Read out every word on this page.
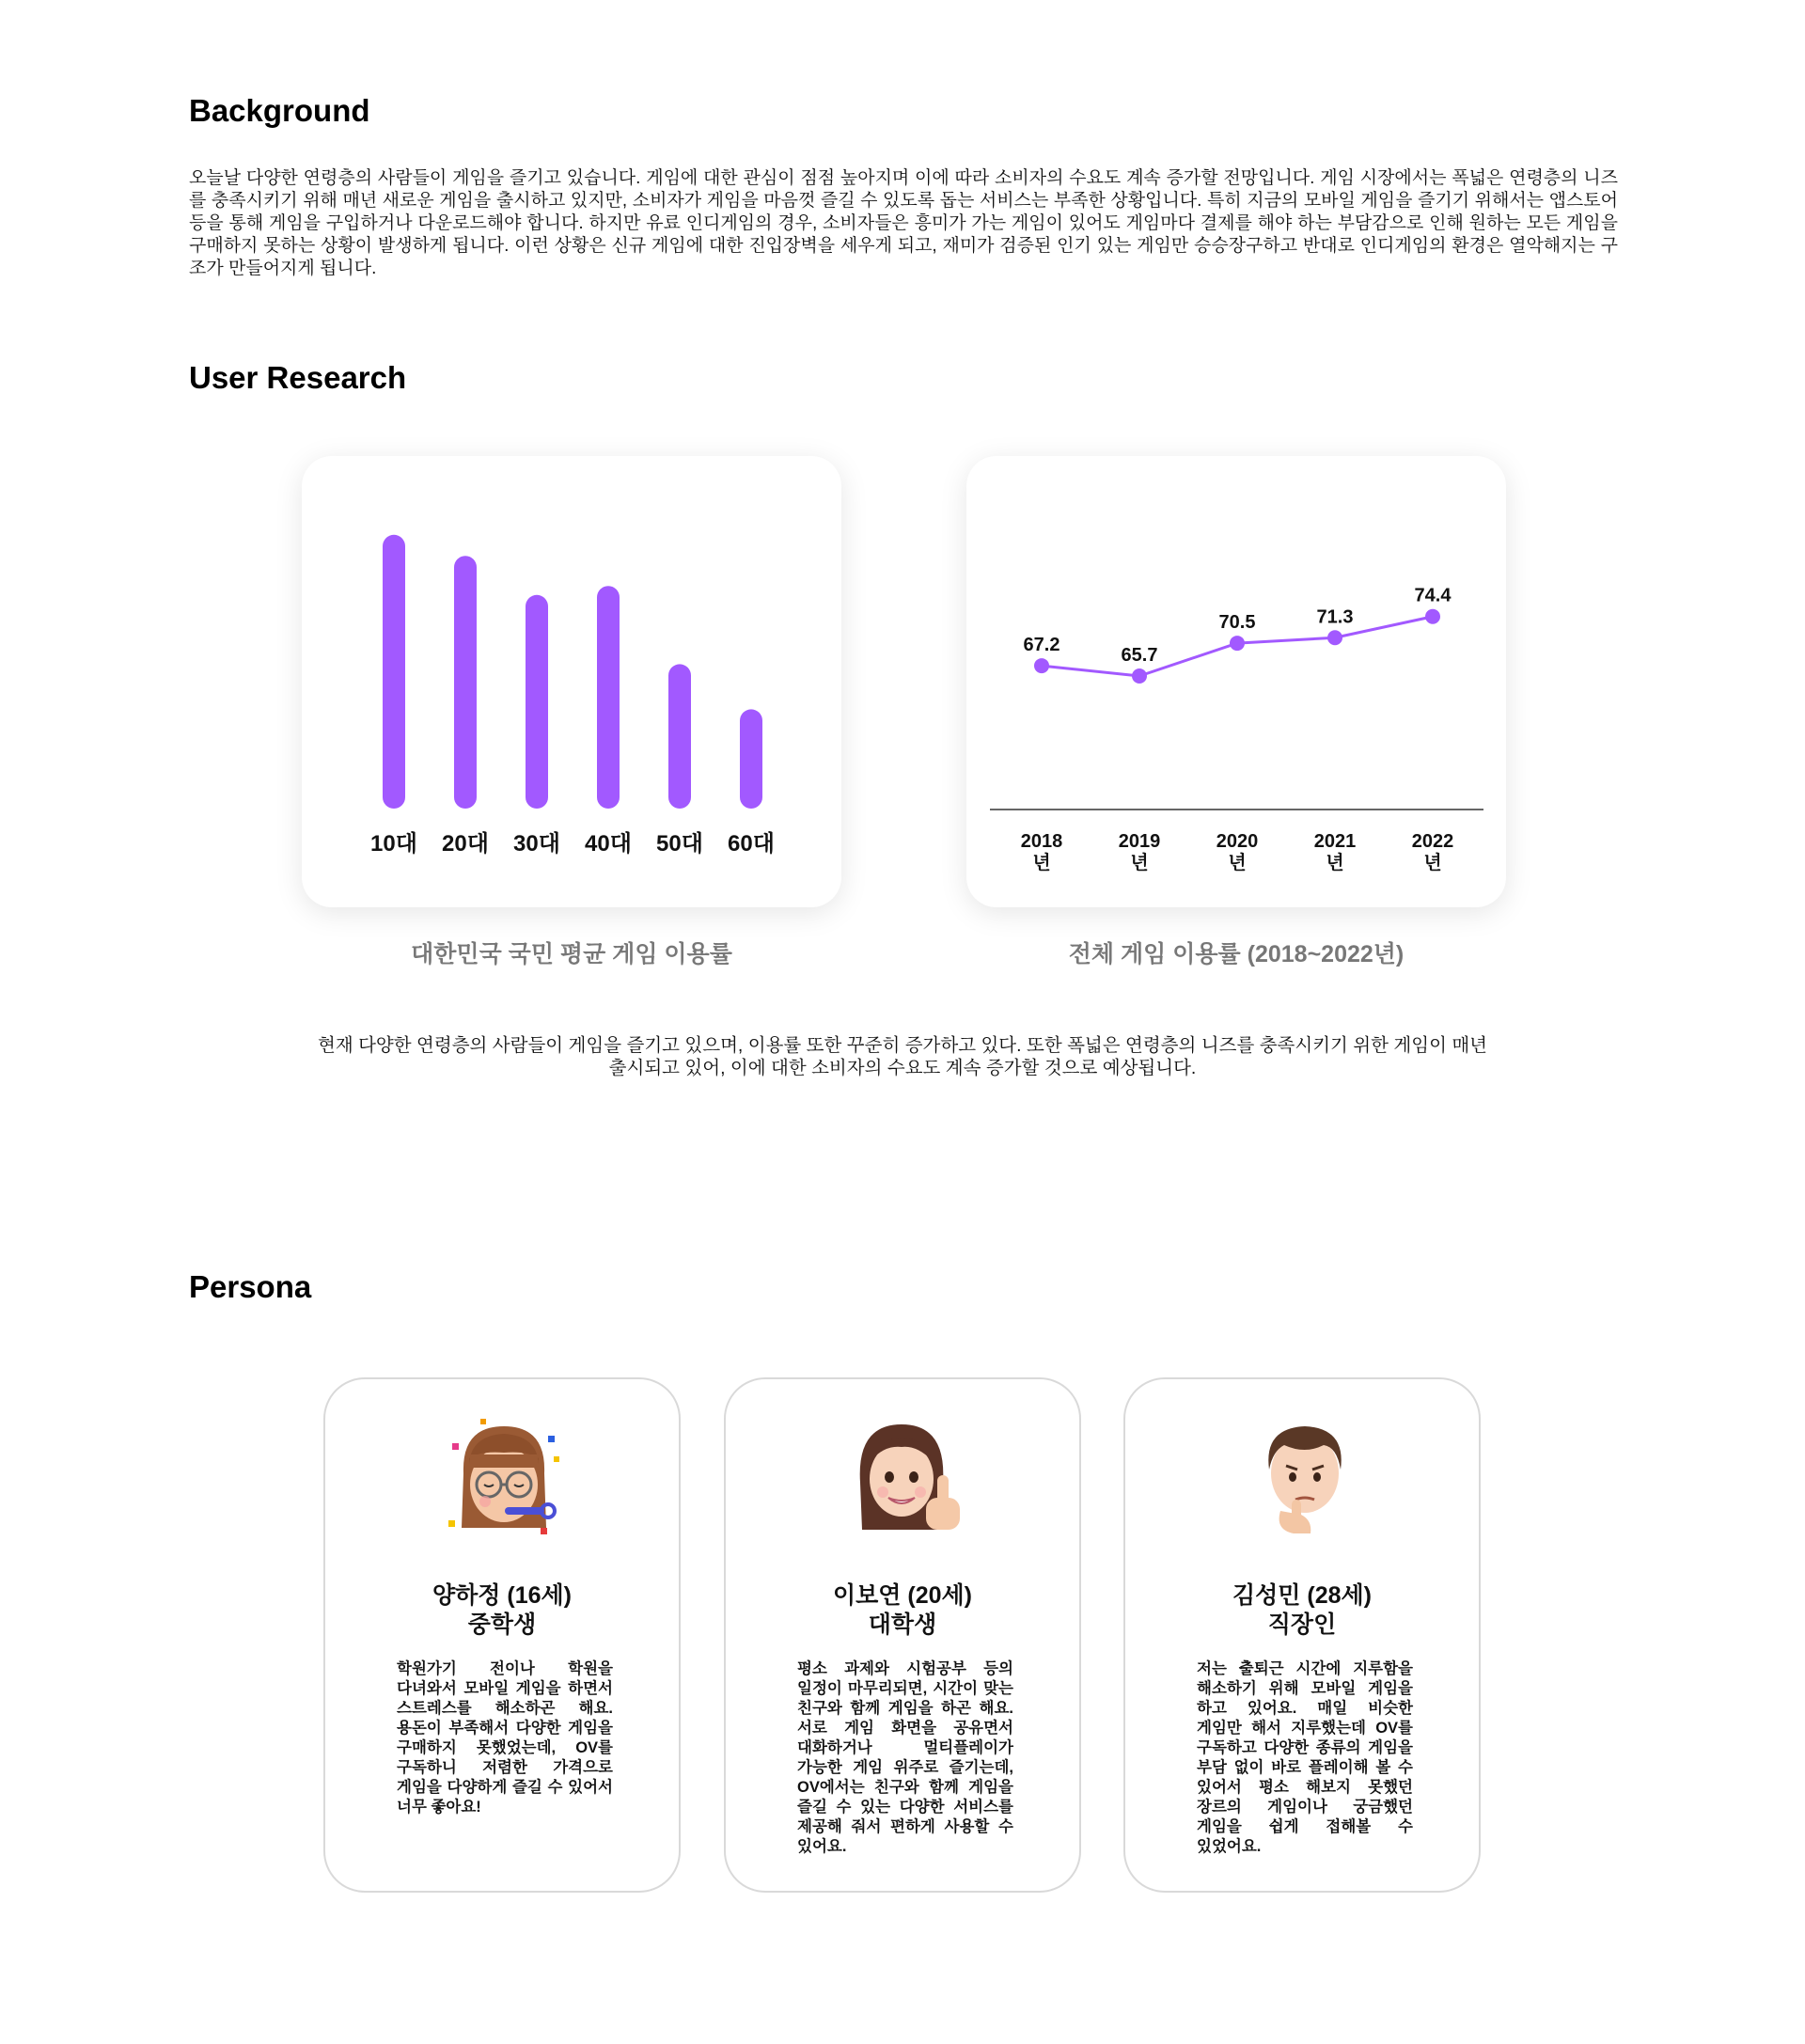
Background

오늘날 다양한 연령층의 사람들이 게임을 즐기고 있습니다. 게임에 대한 관심이 점점 높아지며 이에 따라 소비자의 수요도 계속 증가할 전망입니다. 게임 시장에서는 폭넓은 연령층의 니즈를 충족시키기 위해 매년 새로운 게임을 출시하고 있지만, 소비자가 게임을 마음껏 즐길 수 있도록 돕는 서비스는 부족한 상황입니다. 특히 지금의 모바일 게임을 즐기기 위해서는 앱스토어 등을 통해 게임을 구입하거나 다운로드해야 합니다. 하지만 유료 인디게임의 경우, 소비자들은 흥미가 가는 게임이 있어도 게임마다 결제를 해야 하는 부담감으로 인해 원하는 모든 게임을 구매하지 못하는 상황이 발생하게 됩니다. 이런 상황은 신규 게임에 대한 진입장벽을 세우게 되고, 재미가 검증된 인기 있는 게임만 승승장구하고 반대로 인디게임의 환경은 열악해지는 구조가 만들어지게 됩니다.

User Research
10대 20대 30대 40대 50대 60대
대한민국 국민 평균 게임 이용률
67.2
2018 년
65.7
2019 년
70.5
2020 년
71.3
2021 년
74.4
2022 년
전체 게임 이용률 (2018~2022년)

현재 다양한 연령층의 사람들이 게임을 즐기고 있으며, 이용률 또한 꾸준히 증가하고 있다. 또한 폭넓은 연령층의 니즈를 충족시키기 위한 게임이 매년 출시되고 있어, 이에 대한 소비자의 수요도 계속 증가할 것으로 예상됩니다.

Persona
양하정 (16세)
중학생

학원가기 전이나 학원을 다녀와서 모바일 게임을 하면서 스트레스를 해소하곤 해요. 용돈이 부족해서 다양한 게임을 구매하지 못했었는데, OV를 구독하니 저렴한 가격으로 게임을 다양하게 즐길 수 있어서 너무 좋아요!

이보연 (20세)
대학생

평소 과제와 시험공부 등의 일정이 마무리되면, 시간이 맞는 친구와 함께 게임을 하곤 해요. 서로 게임 화면을 공유면서 대화하거나 멀티플레이가 가능한 게임 위주로 즐기는데, OV에서는 친구와 함께 게임을 즐길 수 있는 다양한 서비스를 제공해 줘서 편하게 사용할 수 있어요.

김성민 (28세)
직장인

저는 출퇴근 시간에 지루함을 해소하기 위해 모바일 게임을 하고 있어요. 매일 비슷한 게임만 해서 지루했는데 OV를 구독하고 다양한 종류의 게임을 부담 없이 바로 플레이해 볼 수 있어서 평소 해보지 못했던 장르의 게임이나 궁금했던 게임을 쉽게 접해볼 수 있었어요.
